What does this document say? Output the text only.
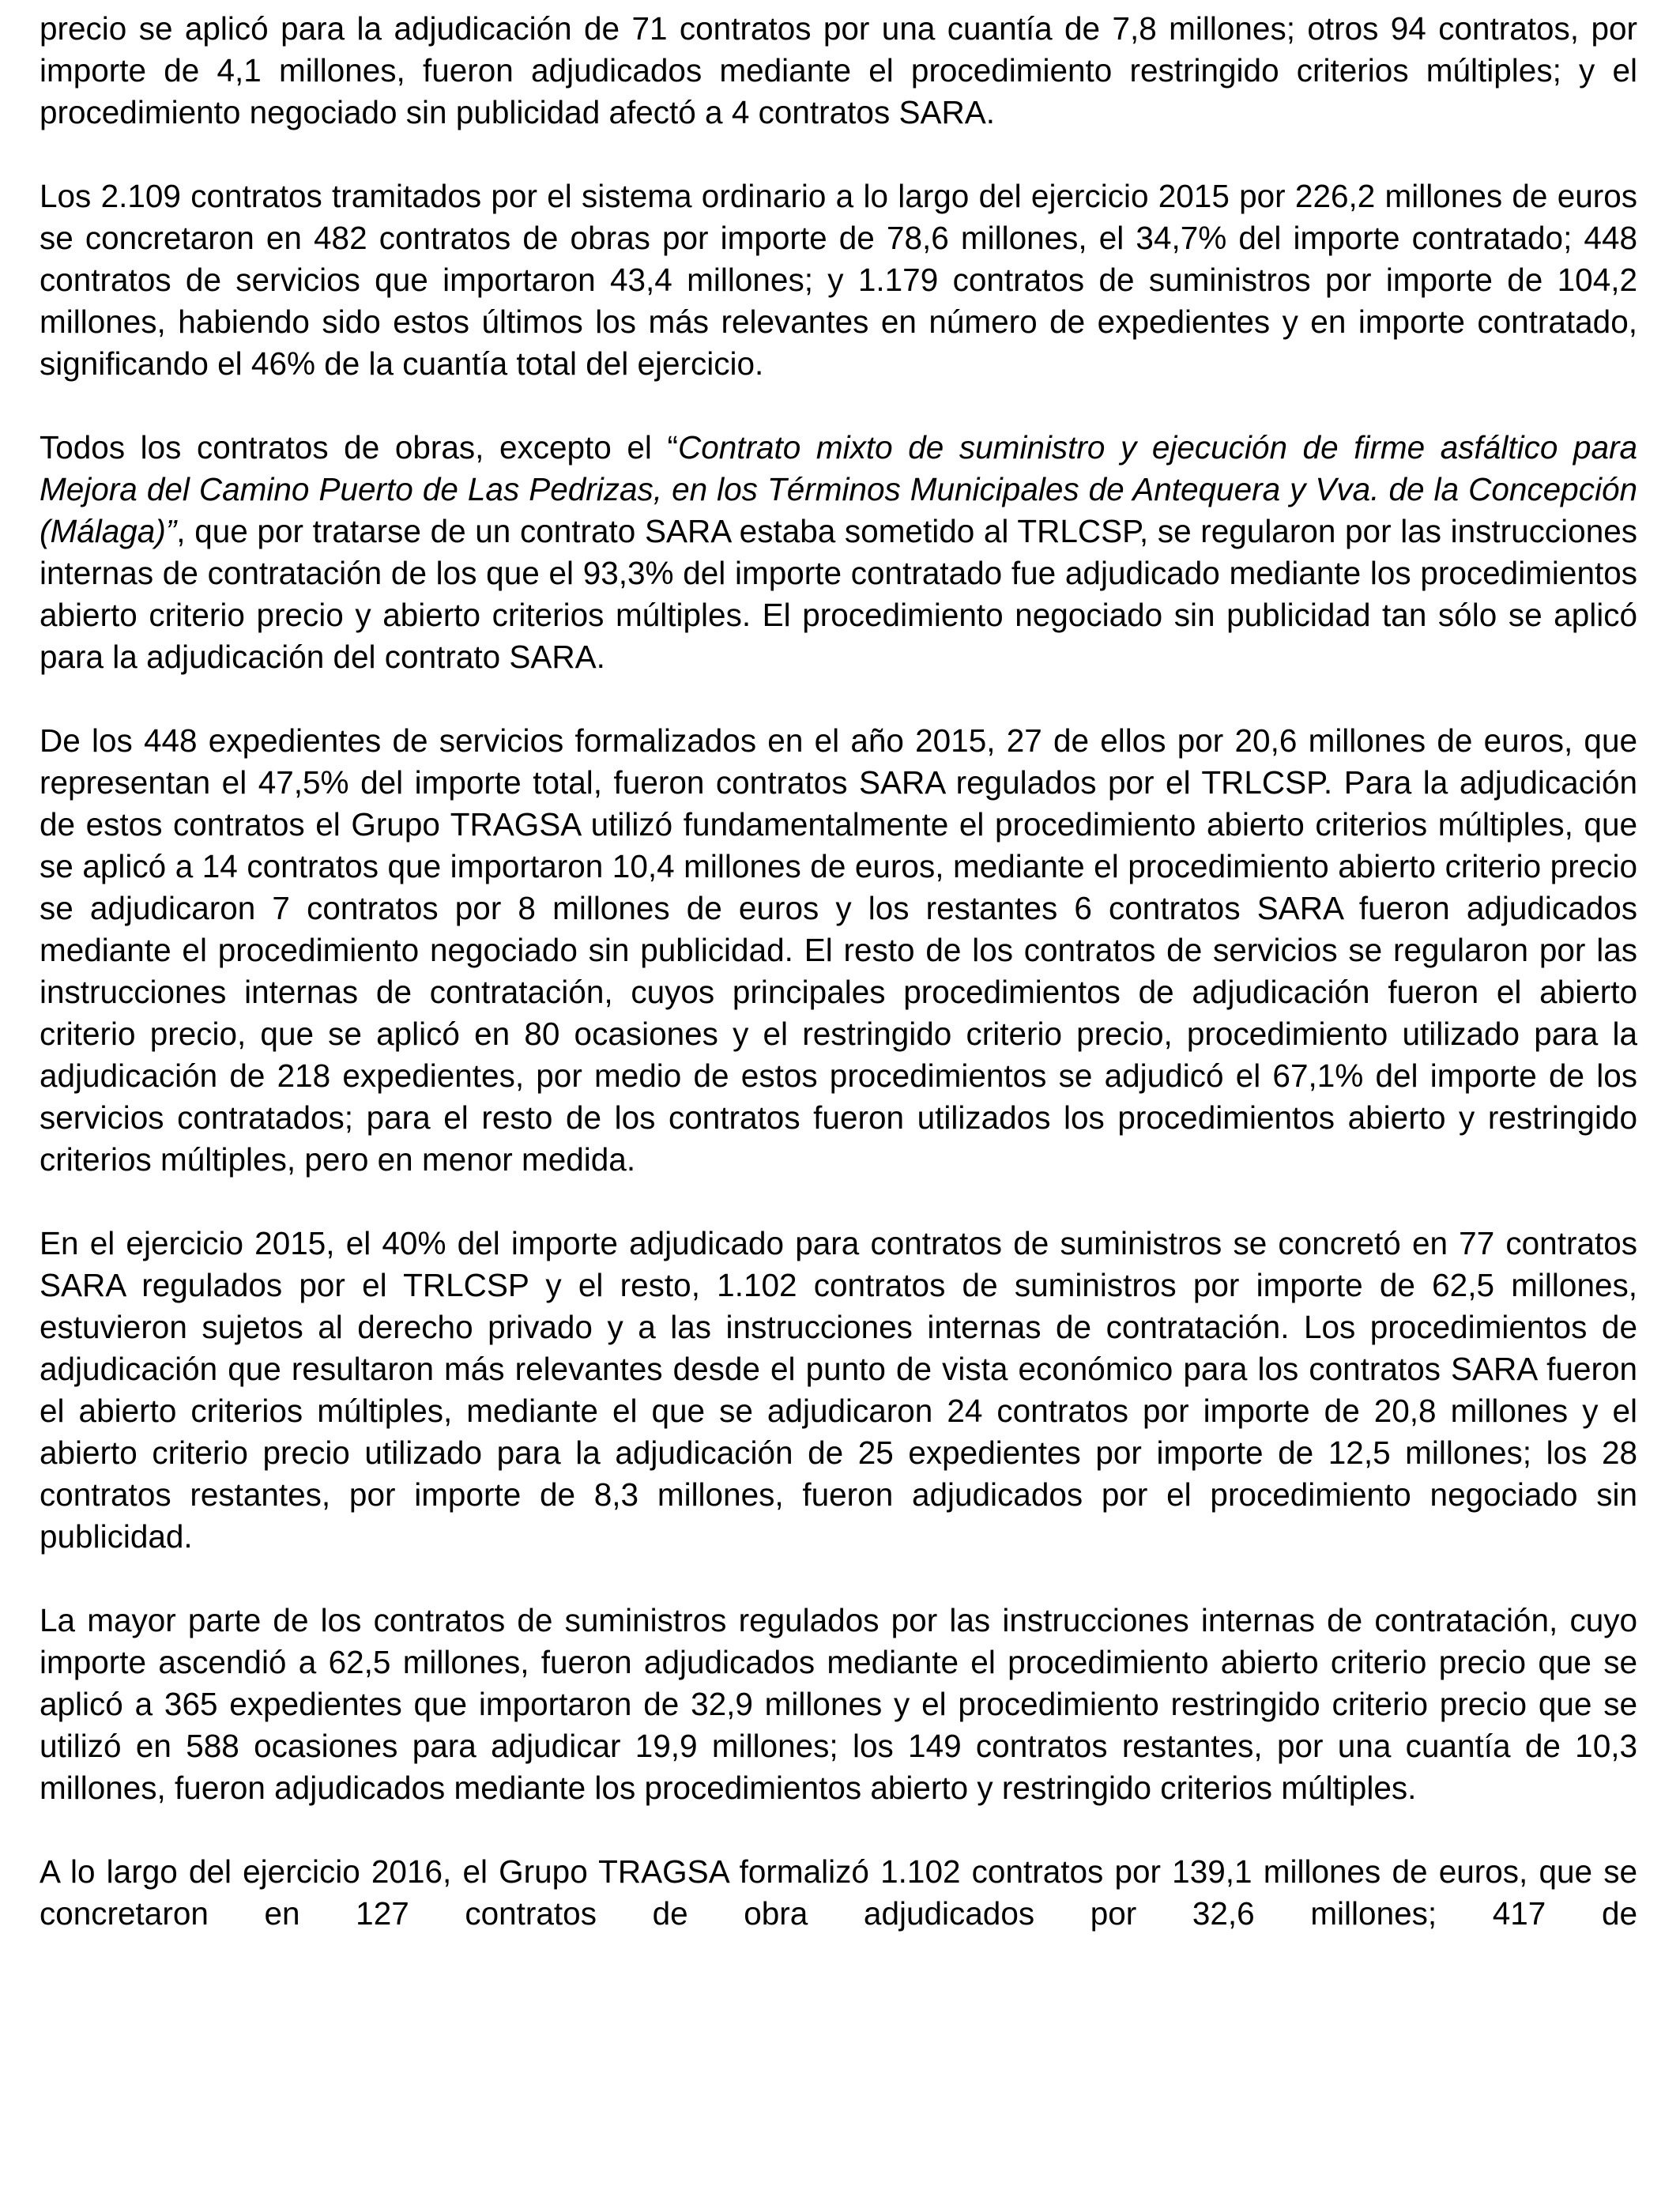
precio se aplicó para la adjudicación de 71 contratos por una cuantía de 7,8 millones; otros 94 contratos, por importe de 4,1 millones, fueron adjudicados mediante el procedimiento restringido criterios múltiples; y el procedimiento negociado sin publicidad afectó a 4 contratos SARA.

Los 2.109 contratos tramitados por el sistema ordinario a lo largo del ejercicio 2015 por 226,2 millones de euros se concretaron en 482 contratos de obras por importe de 78,6 millones, el 34,7% del importe contratado; 448 contratos de servicios que importaron 43,4 millones; y 1.179 contratos de suministros por importe de 104,2 millones, habiendo sido estos últimos los más relevantes en número de expedientes y en importe contratado, significando el 46% de la cuantía total del ejercicio.

Todos los contratos de obras, excepto el “Contrato mixto de suministro y ejecución de firme asfáltico para Mejora del Camino Puerto de Las Pedrizas, en los Términos Municipales de Antequera y Vva. de la Concepción (Málaga)”, que por tratarse de un contrato SARA estaba sometido al TRLCSP, se regularon por las instrucciones internas de contratación de los que el 93,3% del importe contratado fue adjudicado mediante los procedimientos abierto criterio precio y abierto criterios múltiples. El procedimiento negociado sin publicidad tan sólo se aplicó para la adjudicación del contrato SARA.

De los 448 expedientes de servicios formalizados en el año 2015, 27 de ellos por 20,6 millones de euros, que representan el 47,5% del importe total, fueron contratos SARA regulados por el TRLCSP. Para la adjudicación de estos contratos el Grupo TRAGSA utilizó fundamentalmente el procedimiento abierto criterios múltiples, que se aplicó a 14 contratos que importaron 10,4 millones de euros, mediante el procedimiento abierto criterio precio se adjudicaron 7 contratos por 8 millones de euros y los restantes 6 contratos SARA fueron adjudicados mediante el procedimiento negociado sin publicidad. El resto de los contratos de servicios se regularon por las instrucciones internas de contratación, cuyos principales procedimientos de adjudicación fueron el abierto criterio precio, que se aplicó en 80 ocasiones y el restringido criterio precio, procedimiento utilizado para la adjudicación de 218 expedientes, por medio de estos procedimientos se adjudicó el 67,1% del importe de los servicios contratados; para el resto de los contratos fueron utilizados los procedimientos abierto y restringido criterios múltiples, pero en menor medida.

En el ejercicio 2015, el 40% del importe adjudicado para contratos de suministros se concretó en 77 contratos SARA regulados por el TRLCSP y el resto, 1.102 contratos de suministros por importe de 62,5 millones, estuvieron sujetos al derecho privado y a las instrucciones internas de contratación. Los procedimientos de adjudicación que resultaron más relevantes desde el punto de vista económico para los contratos SARA fueron el abierto criterios múltiples, mediante el que se adjudicaron 24 contratos por importe de 20,8 millones y el abierto criterio precio utilizado para la adjudicación de 25 expedientes por importe de 12,5 millones; los 28 contratos restantes, por importe de 8,3 millones, fueron adjudicados por el procedimiento negociado sin publicidad.

La mayor parte de los contratos de suministros regulados por las instrucciones internas de contratación, cuyo importe ascendió a 62,5 millones, fueron adjudicados mediante el procedimiento abierto criterio precio que se aplicó a 365 expedientes que importaron de 32,9 millones y el procedimiento restringido criterio precio que se utilizó en 588 ocasiones para adjudicar 19,9 millones; los 149 contratos restantes, por una cuantía de 10,3 millones, fueron adjudicados mediante los procedimientos abierto y restringido criterios múltiples.

A lo largo del ejercicio 2016, el Grupo TRAGSA formalizó 1.102 contratos por 139,1 millones de euros, que se concretaron en 127 contratos de obra adjudicados por 32,6 millones; 417 de
